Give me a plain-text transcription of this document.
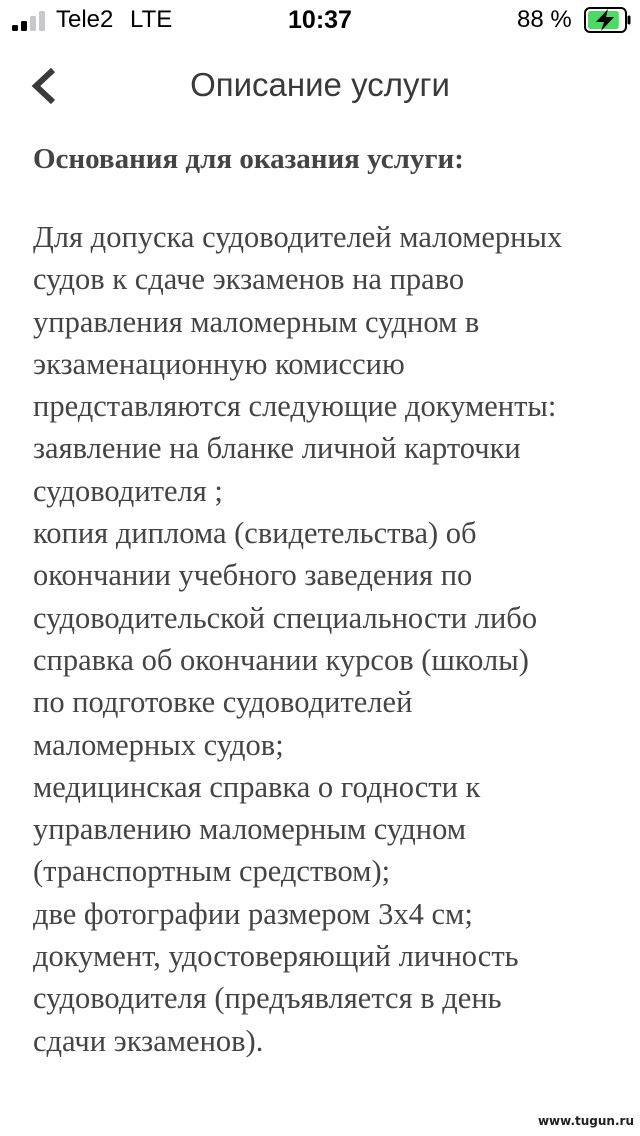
Tele2 LTE	10:37	88 %
Описание услуги
Основания для оказания услуги:
Для допуска судоводителей маломерных
судов к сдаче экзаменов на право
управления маломерным судном в
экзаменационную комиссию
представляются следующие документы:
заявление на бланке личной карточки
судоводителя ;
копия диплома (свидетельства) об
окончании учебного заведения по
судоводительской специальности либо
справка об окончании курсов (школы)
по подготовке судоводителей
маломерных судов;
медицинская справка о годности к
управлению маломерным судном
(транспортным средством);
две фотографии размером 3x4 см;
документ, удостоверяющий личность
судоводителя (предъявляется в день
сдачи экзаменов).
www.tugun.ru
